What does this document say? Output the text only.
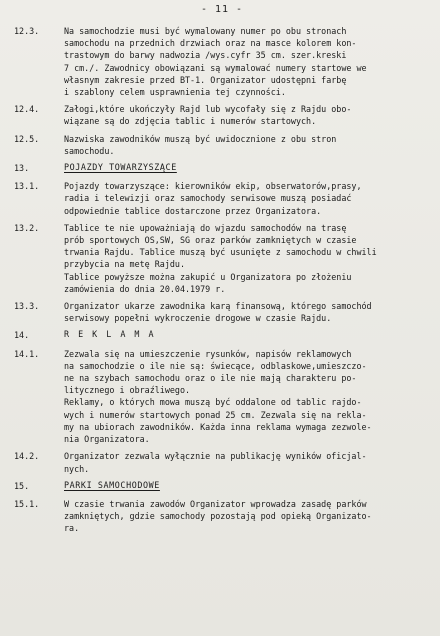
- 11 -
12.3.	Na samochodzie musi być wymalowany numer po obu stronach
samochodu na przednich drzwiach oraz na masce kolorem kon-
trastowym do barwy nadwozia /wys.cyfr 35 cm. szer.kreski
7 cm./. Zawodnicy obowiązani są wymalować numery startowe we
własnym zakresie przed BT-1. Organizator udostępni farbę
i szablony celem usprawnienia tej czynności.
12.4.	Załogi,które ukończyły Rajd lub wycofały się z Rajdu obo-
wiązane są do zdjęcia tablic i numerów startowych.
12.5.	Nazwiska zawodników muszą być uwidocznione z obu stron
samochodu.
13.	POJAZDY TOWARZYSZĄCE
13.1.	Pojazdy towarzyszące: kierowników ekip, obserwatorów,prasy,
radia i telewizji oraz samochody serwisowe muszą posiadać
odpowiednie tablice dostarczone przez Organizatora.
13.2.	Tablice te nie upoważniają do wjazdu samochodów na trasę
prób sportowych OS,SW, SG oraz parków zamkniętych w czasie
trwania Rajdu. Tablice muszą być usunięte z samochodu w chwili
przybycia na metę Rajdu.
Tablice powyższe można zakupić u Organizatora po złożeniu
zamówienia do dnia 20.04.1979 r.
13.3.	Organizator ukarze zawodnika karą finansową, którego samochód
serwisowy popełni wykroczenie drogowe w czasie Rajdu.
14.	R E K L A M A
14.1.	Zezwala się na umieszczenie rysunków, napisów reklamowych
na samochodzie o ile nie są: świecące, odblaskowe,umieszczo-
ne na szybach samochodu oraz o ile nie mają charakteru po-
litycznego i obraźliwego.
Reklamy, o których mowa muszą być oddalone od tablic rajdo-
wych i numerów startowych ponad 25 cm. Zezwala się na rekla-
my na ubiorach zawodników. Każda inna reklama wymaga zezwole-
nia Organizatora.
14.2.	Organizator zezwala wyłącznie na publikację wyników oficjal-
nych.
15.	PARKI SAMOCHODOWE
15.1.	W czasie trwania zawodów Organizator wprowadza zasadę parków
zamkniętych, gdzie samochody pozostają pod opieką Organizato-
ra.
